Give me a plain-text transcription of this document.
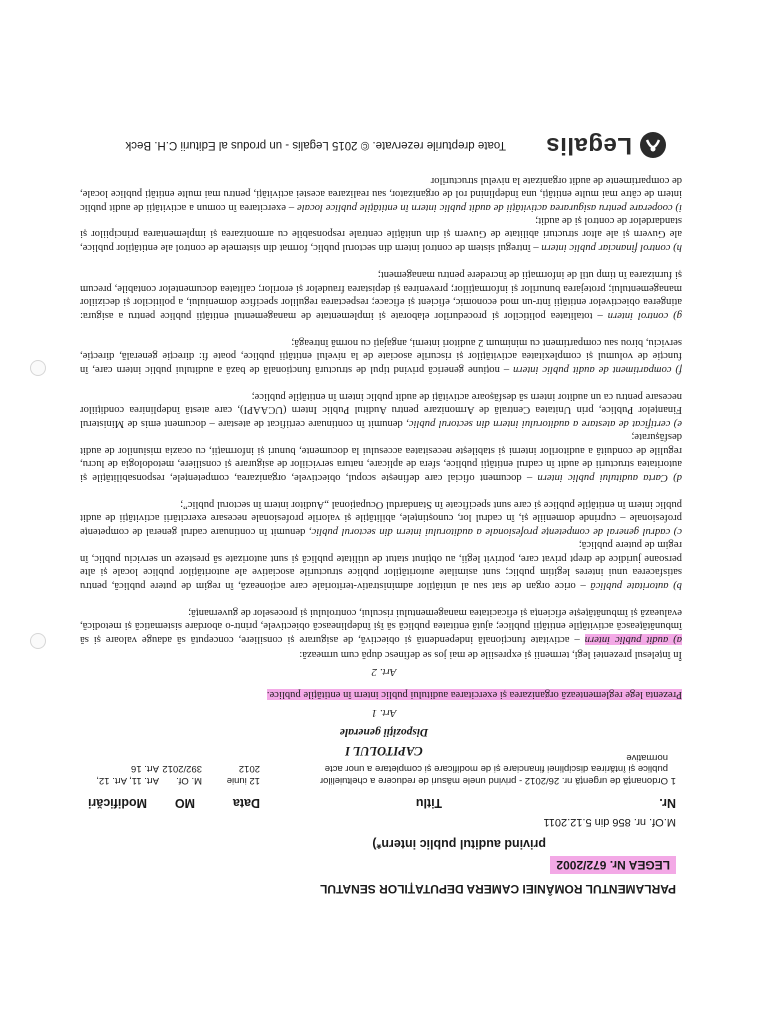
PARLAMENTUL ROMÂNIEI CAMERA DEPUTAȚILOR SENATUL
LEGEA Nr. 672/2002
privind auditul public intern*)
M.Of. nr. 856 din 5.12.2011
Nr.
Titlu
Data
MO
Modificări
1
Ordonanță de urgență nr. 26/2012 - privind unele măsuri de reducere a cheltuielilor
publice și întărirea disciplinei financiare și de modificare și completare a unor acte
normative
12 iunie
2012
M. Of.
392/2012
Art. 11, Art. 12,
Art. 16
CAPITOLUL I
Dispoziții generale
Art. 1
Prezenta lege reglementează organizarea și exercitarea auditului public intern în entitățile publice.
Art. 2
În înțelesul prezentei legi, termenii și expresiile de mai jos se definesc după cum urmează:
a) audit public intern – activitate funcțională independentă și obiectivă, de asigurare și consiliere, concepută să adauge valoare și să îmbunătățească activitățile entității publice; ajută entitatea publică să își îndeplinească obiectivele, printr-o abordare sistematică și metodică, evaluează și îmbunătățește eficiența și eficacitatea managementului riscului, controlului și proceselor de guvernanță;
b) autoritate publică – orice organ de stat sau al unităților administrativ-teritoriale care acționează, în regim de putere publică, pentru satisfacerea unui interes legitim public; sunt asimilate autorităților publice structurile asociative ale autorităților publice locale și alte persoane juridice de drept privat care, potrivit legii, au obținut statut de utilitate publică și sunt autorizate să presteze un serviciu public, în regim de putere publică;
c) cadrul general de competențe profesionale a auditorului intern din sectorul public, denumit în continuare cadrul general de competențe profesionale – cuprinde domeniile și, în cadrul lor, cunoștințele, abilitățile și valorile profesionale necesare exercitării activității de audit public intern în entitățile publice și care sunt specificate în Standardul Ocupațional „Auditor intern în sectorul public”;
d) Carta auditului public intern – document oficial care definește scopul, obiectivele, organizarea, competențele, responsabilitățile și autoritatea structurii de audit în cadrul entității publice, sfera de aplicare, natura serviciilor de asigurare și consiliere, metodologia de lucru, regulile de conduită a auditorilor interni și stabilește necesitatea accesului la documente, bunuri și informații, cu ocazia misiunilor de audit desfășurate;
e) certificat de atestare a auditorului intern din sectorul public, denumit în continuare certificat de atestare – document emis de Ministerul Finanțelor Publice, prin Unitatea Centrală de Armonizare pentru Auditul Public Intern (UCAAPI), care atestă îndeplinirea condițiilor necesare pentru ca un auditor intern să desfășoare activități de audit public intern în entitățile publice;
f) compartiment de audit public intern – noțiune generică privind tipul de structură funcțională de bază a auditului public intern care, în funcție de volumul și complexitatea activităților și riscurile asociate de la nivelul entității publice, poate fi: direcție generală, direcție, serviciu, birou sau compartiment cu minimum 2 auditori interni, angajați cu normă întreagă;
g) control intern – totalitatea politicilor și procedurilor elaborate și implementate de managementul entității publice pentru a asigura: atingerea obiectivelor entității într-un mod economic, eficient și eficace; respectarea regulilor specifice domeniului, a politicilor și deciziilor managementului; protejarea bunurilor și informațiilor; prevenirea și depistarea fraudelor și erorilor; calitatea documentelor contabile, precum și furnizarea în timp util de informații de încredere pentru management;
h) control financiar public intern – întregul sistem de control intern din sectorul public, format din sistemele de control ale entităților publice, ale Guvern și ale altor structuri abilitate de Guvern și din unitățile centrale responsabile cu armonizarea și implementarea principiilor și standardelor de control și de audit;
i) cooperare pentru asigurarea activității de audit public intern în entitățile publice locale – exercitarea în comun a activității de audit public intern de către mai multe entități, una îndeplinind rol de organizator, sau realizarea acestei activități, pentru mai multe entități publice locale, de compartimente de audit organizate la nivelul structurilor
Legalis
Toate drepturile rezervate. © 2015 Legalis - un produs al Editurii C.H. Beck
